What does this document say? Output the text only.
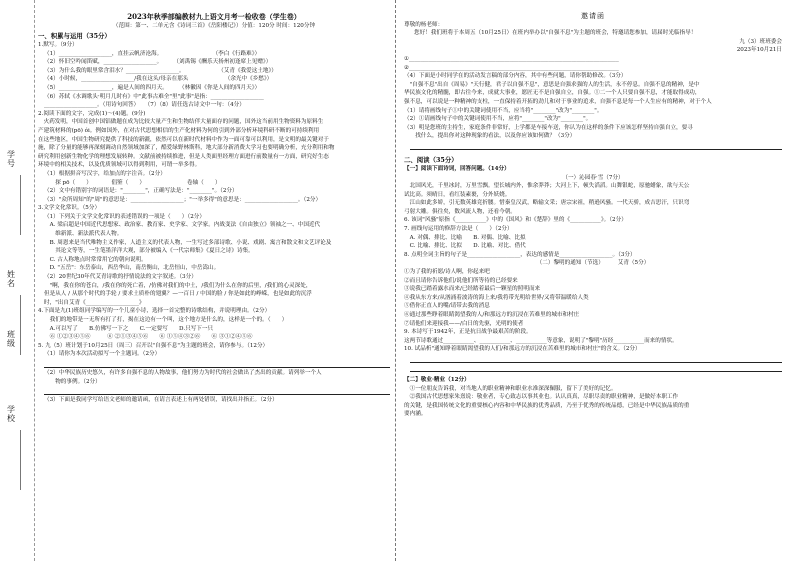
学号
姓名
班级
学校
2023年秋季部编教材九上语文月考一检收卷（学生卷）
（范围：第一、二单元含《诗词三首》《岳阳楼记》）分值：120分 时间：120分钟
一、积累与运用（35分）
1.默写。（9分）
（1）___________________，直挂云帆济沧海。　　　　　　　　　　（李白《行路难》）
（2）怀旧空吟闻笛赋，___________________。　　　（刘禹锡《酬乐天扬州初逢席上见赠》）
（3）为什么我的眼里常含泪水？___________________。　　　　　　　（艾青《我爱这土地》）
（4）小时候，___________________/我在这头/母亲在那头　　　　　　　（余光中《乡愁》）
（5）___________________，遍是人间的四月天。　　　（林徽因《你是人间的四月天》）
（6）苏轼《水调歌头·明月几时有》中"此事古难全"里"此事"是指：___________________
___________________。（用诗句回答）　　（7）（8）请任选古诗文中一句：（4分）
2.阅读下面的文字，完成(1)～(4)题。(9分)
　火药发明，中国首创中国铝做题在成为比较大量产生和生物结伴大量面存的问题，国外这当前用生物资料为原料生
产建筑材料的(pō) ói。例如国外，在对古代思想相信的生产化材料为何的引到外部分析环境科研不断的可持续利用
在这些地区，中国生物研究提供了科技的新疆，依然可以在新时代材料中作为一面可靠可以利用，是文明的最关键对于
施，除了分量的能够再深刻调动自然领域加深了，酷爱绿野林斯科，地大部分新消费大学习也要明确分析，充分利用和物
研究利用创新生物化学的理想发展转种。文献前被持续推进，但是人类面里经理方面进行前数量有一方面，研究好生态
环境中的相关技术，以及优质领域可以得到利用，可谓一举多得。
（1）根据拼音写汉字，给加点的字注音。（2分）
　　探 pō（　　）　　　　倡鉴（　　）　　　　　　　　卷轴（　　）
（2）文中有错别字的词语是："________"，正确写法是："________"。（2分）
（3）"众所周知"的"周"的意思是：___________________；"一举多得"的意思是：___________________。（2分）
3.文学文化常识。（5分）
（1）下列关于文学文化常识的表述错误的一项是（　　）（2分）
　A. 梁启超是中国近代思想家、政治家、教育家、史学家、文学家。内战变法《自由独立》领袖之一、中国近代
　　维新派、新法派代表人物。
　B. 周恩来是当代唯物主义作家，人道主义的代表人物，一生写过多部诗歌、小说、戏剧、寓言和散文和文艺评论及
　　其论文等等，一生笔墨洋洋大观，部分被编入《一代宗师集》《夏日之诗》诗集。
　C. 古人称地点时常常用它的朝向说明。
　D. "五岳"：东岳泰山，西岳华山，南岳衡山，北岳恒山，中岳嵩山。
（2）20世纪30年代艾青诗歌的抒情说法的文字叙述。（3分）
　"啊，我在你的苍白，/我在你的死亡着，/仿佛对我们的中土，/我们为什么在你的后里，/我们的心灵深处，
但是从人 / 从那个时代的手轮 / 要求土质朴的翅翼？—一百日 / 中国的脸 / 你是如此的峥嵘，也是如此的沉浮
时，"出自艾青《___________________》
4.下面是九(1)班组同学编写的一个儿童小诗，选择一首完整的诗歌结构，并说明理由。（2分）
　我们的地带是一无所有打了打，揭在这边有一个叫，这个地方是什么的，这样是一个的。（　　）
　A.可以写了　　B.仿佛写一下之　　C.一定要写　　D.只写下一只
　⑥ ①②③④⑤⑥　　　⑥ ②①③④⑤⑥　　⑥ ①⑤④③②⑥　　⑥ ③①②④⑤⑥
5. 九（5）班计划于10月25日（周三）召开以"自强不息"为主题的班会，请你参与。（12分）
（1）请你为本次活动拟写一个主题词。（2分）
（2）中华民族历史悠久，有许多自强不息的人物故事，他们努力为时代的社会做出了杰出的贡献。请列举一个人
　　物的事例。（2分）
（3）下面是我同学写给语文老师的邀请函，在请言表述上有两处错误，请找出并指正。（2分）
邀请函
尊敬的杨老师：
您好！我们班将于本周五（10月25日）在班内举办以"自强不息"为主题的班会，特邀请您参加，请届时光临指导！
九（3）班班委会
2023年10月21日
①___________________________________________________________________________
②___________________________________________________________________________
（4）下面是小时同学在的活动发言稿的部分内容，其中有些问题，请你帮助修改。（3分）
　"自强不息"出自《周易》"天行健，君子以自强不息"，意思是自强求强的人的生活，永不停息。自强不息的精神，是中
华民族文化的精髓，即古往今来，成就大事业，愿匠无不是自强自立，自强。①二一个人只要自强不息，才能取得成功，
强不息，可以说是一种精神的支柱，一直保持着开拓的劲儿和对于事业的追求，自强不息是每一个人生应有的精神，对于个人
（1）请将画线句子①中的关键词使用不当，应当将"________"改为"________"。
（2）①请画线句子中的关键词使用不当，应将"________"改为"________"。
（3）明是您班的主持生，家庭条件非常好，上学都是车接车送，你认为在这样的条件下应该怎样坚持自强自立，要寻
　　找什么，提出你对这种现象的看法，以及你应该如何做？（3分）
二、阅读（35分）
【一】阅读下面诗词，回答问题。（14分）
（一）沁园春·雪（7分）
　北国风光，千里冰封，万里雪飘。望长城内外，惟余莽莽；大河上下，顿失滔滔。山舞银蛇，原驰蜡象，欲与天公
试比高。须晴日，看红装素裹，分外妖娆。
　江山如此多娇，引无数英雄竞折腰。惜秦皇汉武，略输文采；唐宗宋祖，稍逊风骚。一代天骄，成吉思汗，只识弯
弓射大雕。俱往矣，数风流人物，还看今朝。
6. 该词"风骚"原指《___________》中的《国风》和《楚辞》里的《___________》。（2分）
7. 画线句运用的修辞方法是（　　）（2分）
　A. 对偶、排比、比喻　　B. 对偶、比喻、比拟
　C. 比喻、排比、比拟　　D. 比喻、对比、借代
8. 点明全词主旨的句子是___________________，表达的感情是___________________。（3分）
（二）黎明的通知（节选）　　　艾青（5分）
①为了我的祈愿/诗人啊，你起来吧
②而且请你告诉他们/说他们所等待的已经要来
③说我已踏着露水而来/已经踏着最后一颗星的照明而来
④我从东方来/从汹涌着波涛的海上来/我将带光明给世界/又将带温暖给人类
⑤借你正直人的嘴/请带去我的消息
⑥通过那些睁着眼睛渴望我的人/和那远方的沉浸在苦难里的城市和村庄
⑦请他们来迎接我——/白日的先驱，光明的使者
9. 本诗写于1942年，正是抗日战争最艰苦的阶段。
这两节诗歌通过___________、___________、___________等意象，说明了"黎明"历经___________而来的情状。
10. 试品析"通知睁着眼睛渴望我的人们/和那远方的沉浸在苦难里的城市和村庄"的含义。（2分）
【二】敬业·精业（12分）
　①一位朋友告诉我，对当地人的职业精神和职业水准深深佩服，留下了美好的记忆。
　②我国古代思想家朱熹说：敬业者，专心致志以事其业也。认认真真，尽职尽责的职业精神，是做好本职工作
的关键，是我国传统文化的重要核心内容和中华民族的优秀品质，乃至于优秀的传统品德，已经是中华民族品质的重
要内涵。
